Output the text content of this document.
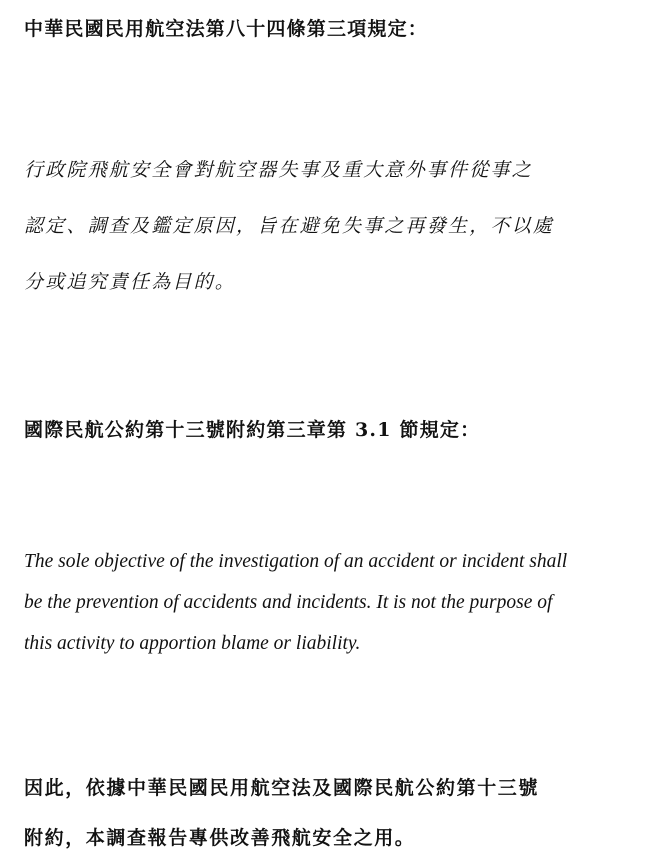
中華民國民用航空法第八十四條第三項規定：
行政院飛航安全會對航空器失事及重大意外事件從事之
認定、調查及鑑定原因，旨在避免失事之再發生，不以處
分或追究責任為目的。
國際民航公約第十三號附約第三章第 3.1 節規定：
The sole objective of the investigation of an accident or incident shall
be the prevention of accidents and incidents. It is not the purpose of
this activity to apportion blame or liability.
因此，依據中華民國民用航空法及國際民航公約第十三號
附約，本調查報告專供改善飛航安全之用。
